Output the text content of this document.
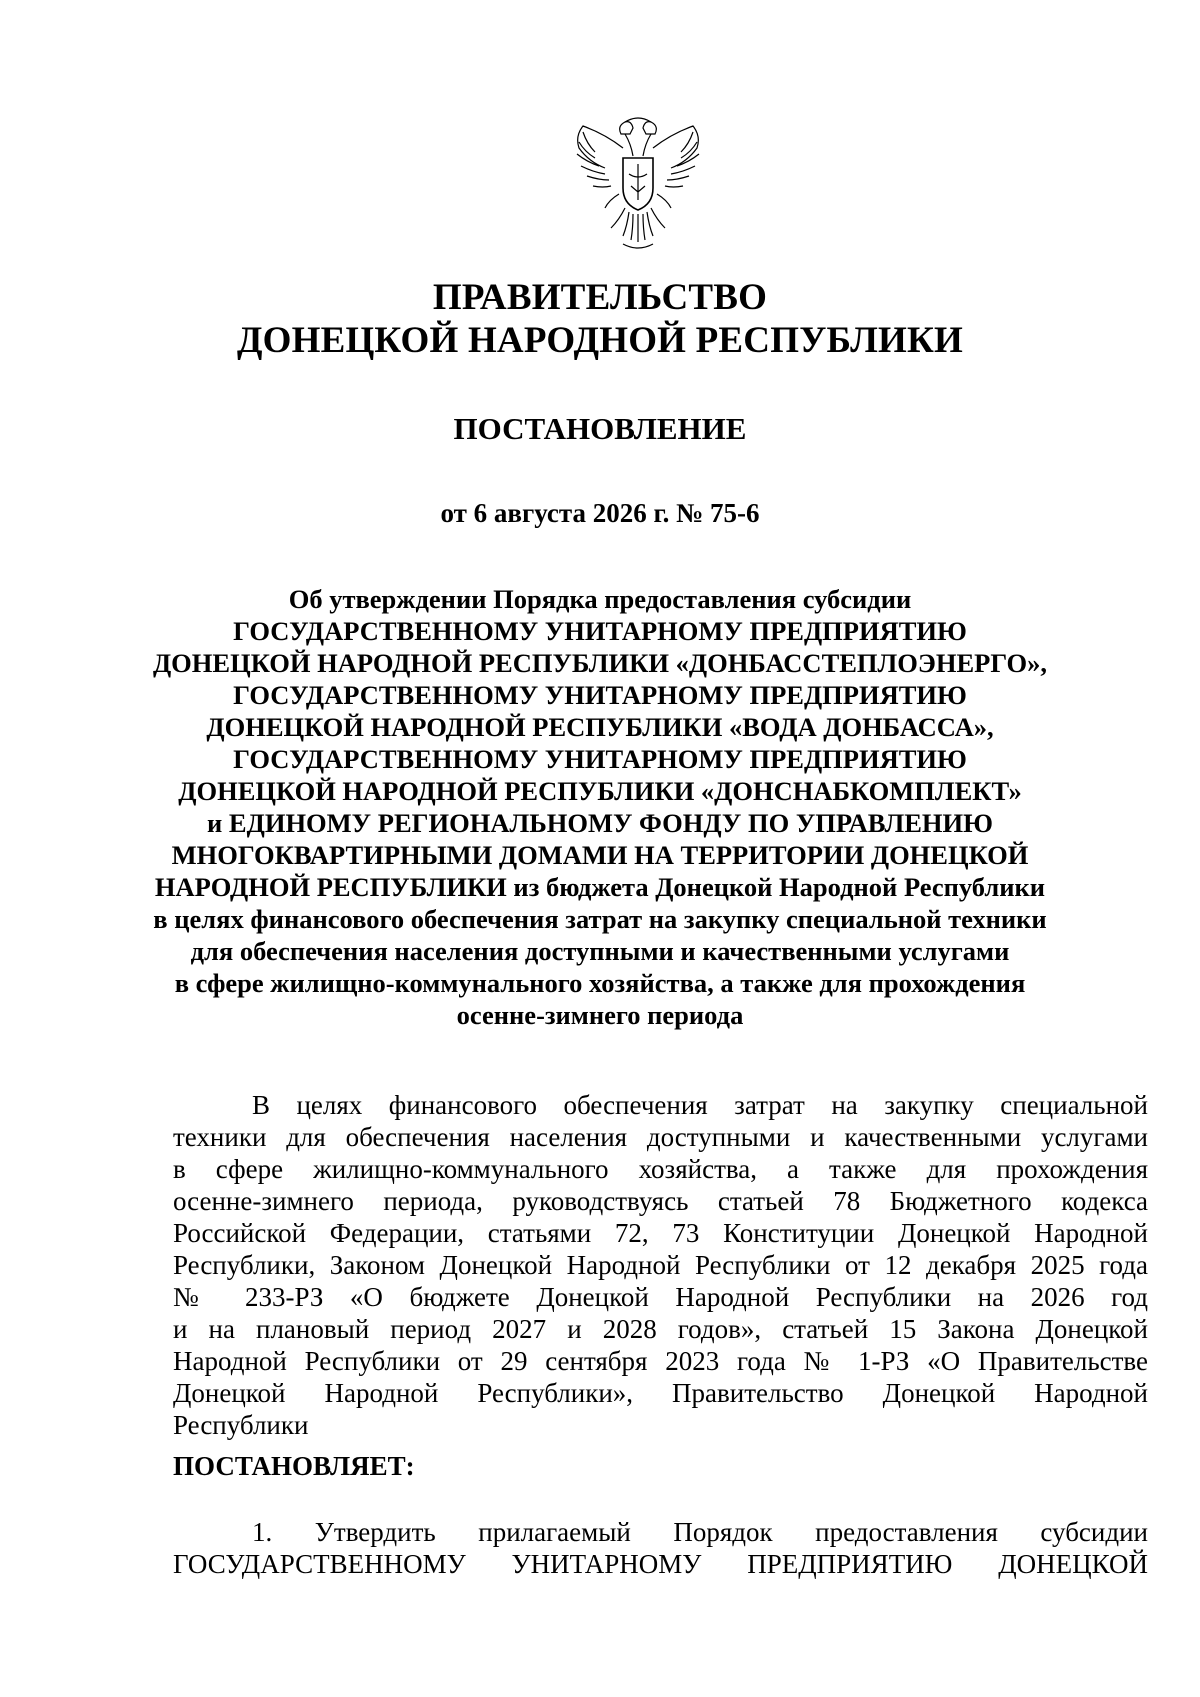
ПРАВИТЕЛЬСТВО
ДОНЕЦКОЙ НАРОДНОЙ РЕСПУБЛИКИ
ПОСТАНОВЛЕНИЕ
от 6 августа 2026 г. № 75-6
Об утверждении Порядка предоставления субсидии
ГОСУДАРСТВЕННОМУ УНИТАРНОМУ ПРЕДПРИЯТИЮ
ДОНЕЦКОЙ НАРОДНОЙ РЕСПУБЛИКИ «ДОНБАССТЕПЛОЭНЕРГО»,
ГОСУДАРСТВЕННОМУ УНИТАРНОМУ ПРЕДПРИЯТИЮ
ДОНЕЦКОЙ НАРОДНОЙ РЕСПУБЛИКИ «ВОДА ДОНБАССА»,
ГОСУДАРСТВЕННОМУ УНИТАРНОМУ ПРЕДПРИЯТИЮ
ДОНЕЦКОЙ НАРОДНОЙ РЕСПУБЛИКИ «ДОНСНАБКОМПЛЕКТ»
и ЕДИНОМУ РЕГИОНАЛЬНОМУ ФОНДУ ПО УПРАВЛЕНИЮ
МНОГОКВАРТИРНЫМИ ДОМАМИ НА ТЕРРИТОРИИ ДОНЕЦКОЙ
НАРОДНОЙ РЕСПУБЛИКИ из бюджета Донецкой Народной Республики
в целях финансового обеспечения затрат на закупку специальной техники
для обеспечения населения доступными и качественными услугами
в сфере жилищно-коммунального хозяйства, а также для прохождения
осенне-зимнего периода
В целях финансового обеспечения затрат на закупку специальной
техники для обеспечения населения доступными и качественными услугами
в сфере жилищно-коммунального хозяйства, а также для прохождения
осенне-зимнего периода, руководствуясь статьей 78 Бюджетного кодекса
Российской Федерации, статьями 72, 73 Конституции Донецкой Народной
Республики, Законом Донецкой Народной Республики от 12 декабря 2025 года
№ 233-РЗ «О бюджете Донецкой Народной Республики на 2026 год
и на плановый период 2027 и 2028 годов», статьей 15 Закона Донецкой
Народной Республики от 29 сентября 2023 года № 1-РЗ «О Правительстве
Донецкой Народной Республики», Правительство Донецкой Народной
Республики
ПОСТАНОВЛЯЕТ:
1. Утвердить прилагаемый Порядок предоставления субсидии
ГОСУДАРСТВЕННОМУ УНИТАРНОМУ ПРЕДПРИЯТИЮ ДОНЕЦКОЙ
